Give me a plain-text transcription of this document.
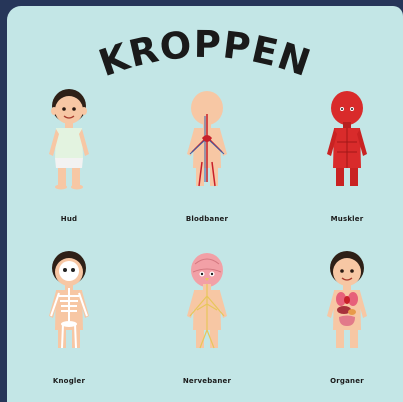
KROPPEN
Hud	Blodbaner	Muskler
Knogler	Nervebaner	Organer
